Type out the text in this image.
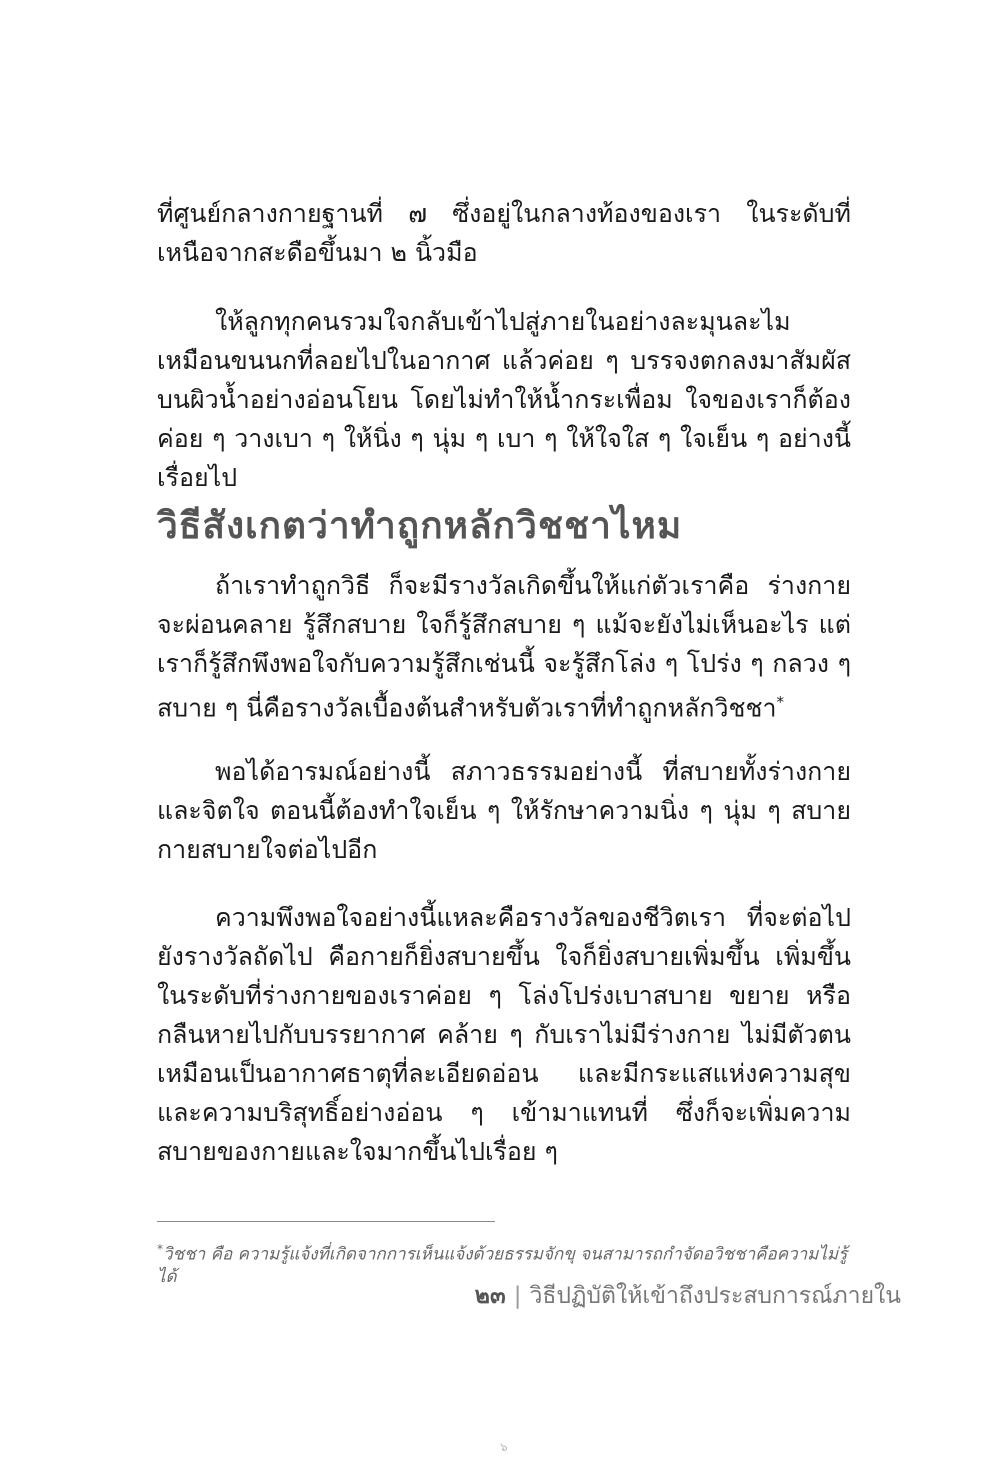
ที่ศูนย์กลางกายฐานที่ ๗ ซึ่งอยู่ในกลางท้องของเรา ในระดับที่เหนือจากสะดือขึ้นมา ๒ นิ้วมือ

ให้ลูกทุกคนรวมใจกลับเข้าไปสู่ภายในอย่างละมุนละไม เหมือนขนนกที่ลอยไปในอากาศ แล้วค่อย ๆ บรรจงตกลงมาสัมผัสบนผิวน้ำอย่างอ่อนโยน โดยไม่ทำให้น้ำกระเพื่อม ใจของเราก็ต้องค่อย ๆ วางเบา ๆ ให้นิ่ง ๆ นุ่ม ๆ เบา ๆ ให้ใจใส ๆ ใจเย็น ๆ อย่างนี้เรื่อยไป

วิธีสังเกตว่าทำถูกหลักวิชชาไหม

ถ้าเราทำถูกวิธี ก็จะมีรางวัลเกิดขึ้นให้แก่ตัวเราคือ ร่างกายจะผ่อนคลาย รู้สึกสบาย ใจก็รู้สึกสบาย ๆ แม้จะยังไม่เห็นอะไร แต่เราก็รู้สึกพึงพอใจกับความรู้สึกเช่นนี้ จะรู้สึกโล่ง ๆ โปร่ง ๆ กลวง ๆ สบาย ๆ นี่คือรางวัลเบื้องต้นสำหรับตัวเราที่ทำถูกหลักวิชชา*

พอได้อารมณ์อย่างนี้ สภาวธรรมอย่างนี้ ที่สบายทั้งร่างกายและจิตใจ ตอนนี้ต้องทำใจเย็น ๆ ให้รักษาความนิ่ง ๆ นุ่ม ๆ สบายกายสบายใจต่อไปอีก

ความพึงพอใจอย่างนี้แหละคือรางวัลของชีวิตเรา ที่จะต่อไปยังรางวัลถัดไป คือกายก็ยิ่งสบายขึ้น ใจก็ยิ่งสบายเพิ่มขึ้น เพิ่มขึ้นในระดับที่ร่างกายของเราค่อย ๆ โล่งโปร่งเบาสบาย ขยาย หรือกลืนหายไปกับบรรยากาศ คล้าย ๆ กับเราไม่มีร่างกาย ไม่มีตัวตนเหมือนเป็นอากาศธาตุที่ละเอียดอ่อน และมีกระแสแห่งความสุขและความบริสุทธิ์อย่างอ่อน ๆ เข้ามาแทนที่ ซึ่งก็จะเพิ่มความสบายของกายและใจมากขึ้นไปเรื่อย ๆ

*วิชชา คือ ความรู้แจ้งที่เกิดจากการเห็นแจ้งด้วยธรรมจักขุ จนสามารถกำจัดอวิชชาคือความไม่รู้ได้
๒๓ | วิธีปฏิบัติให้เข้าถึงประสบการณ์ภายใน
๖
